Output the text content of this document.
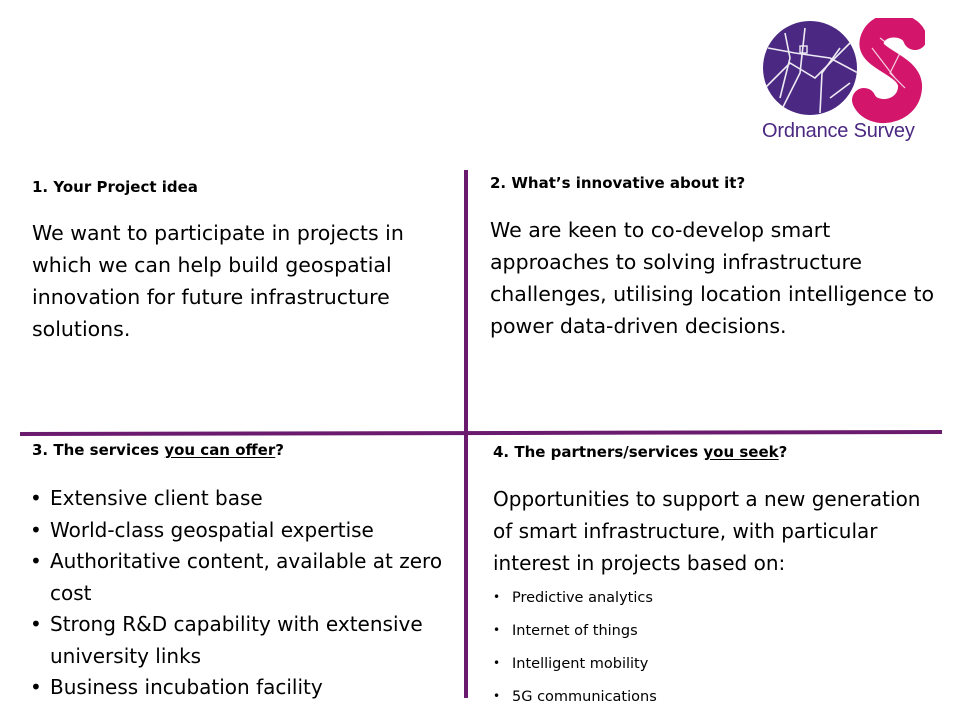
Ordnance Survey
1. Your Project idea
We want to participate in projects in which we can help build geospatial innovation for future infrastructure solutions.
2. What’s innovative about it?
We are keen to co-develop smart approaches to solving infrastructure challenges, utilising location intelligence to power data-driven decisions.
3. The services you can offer?
• Extensive client base
• World-class geospatial expertise
• Authoritative content, available at zero cost
• Strong R&D capability with extensive university links
• Business incubation facility
4. The partners/services you seek?
Opportunities to support a new generation of smart infrastructure, with particular interest in projects based on:
• Predictive analytics
• Internet of things
• Intelligent mobility
• 5G communications
